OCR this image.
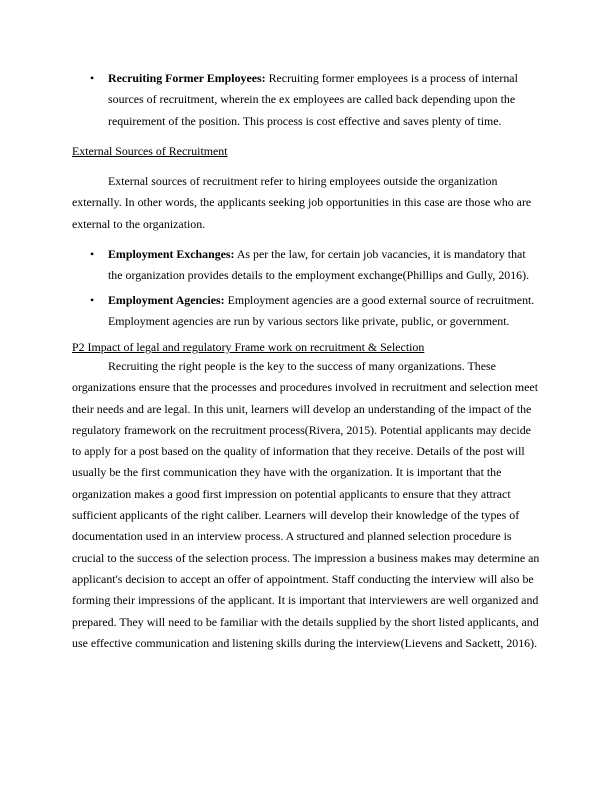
• Recruiting Former Employees: Recruiting former employees is a process of internal sources of recruitment, wherein the ex employees are called back depending upon the requirement of the position. This process is cost effective and saves plenty of time.

External Sources of Recruitment

External sources of recruitment refer to hiring employees outside the organization externally. In other words, the applicants seeking job opportunities in this case are those who are external to the organization.

• Employment Exchanges: As per the law, for certain job vacancies, it is mandatory that the organization provides details to the employment exchange(Phillips and Gully, 2016).
• Employment Agencies: Employment agencies are a good external source of recruitment. Employment agencies are run by various sectors like private, public, or government.

P2 Impact of legal and regulatory Frame work on recruitment & Selection

Recruiting the right people is the key to the success of many organizations. These organizations ensure that the processes and procedures involved in recruitment and selection meet their needs and are legal. In this unit, learners will develop an understanding of the impact of the regulatory framework on the recruitment process(Rivera, 2015). Potential applicants may decide to apply for a post based on the quality of information that they receive. Details of the post will usually be the first communication they have with the organization. It is important that the organization makes a good first impression on potential applicants to ensure that they attract sufficient applicants of the right caliber. Learners will develop their knowledge of the types of documentation used in an interview process. A structured and planned selection procedure is crucial to the success of the selection process. The impression a business makes may determine an applicant's decision to accept an offer of appointment. Staff conducting the interview will also be forming their impressions of the applicant. It is important that interviewers are well organized and prepared. They will need to be familiar with the details supplied by the short listed applicants, and use effective communication and listening skills during the interview(Lievens and Sackett, 2016).
